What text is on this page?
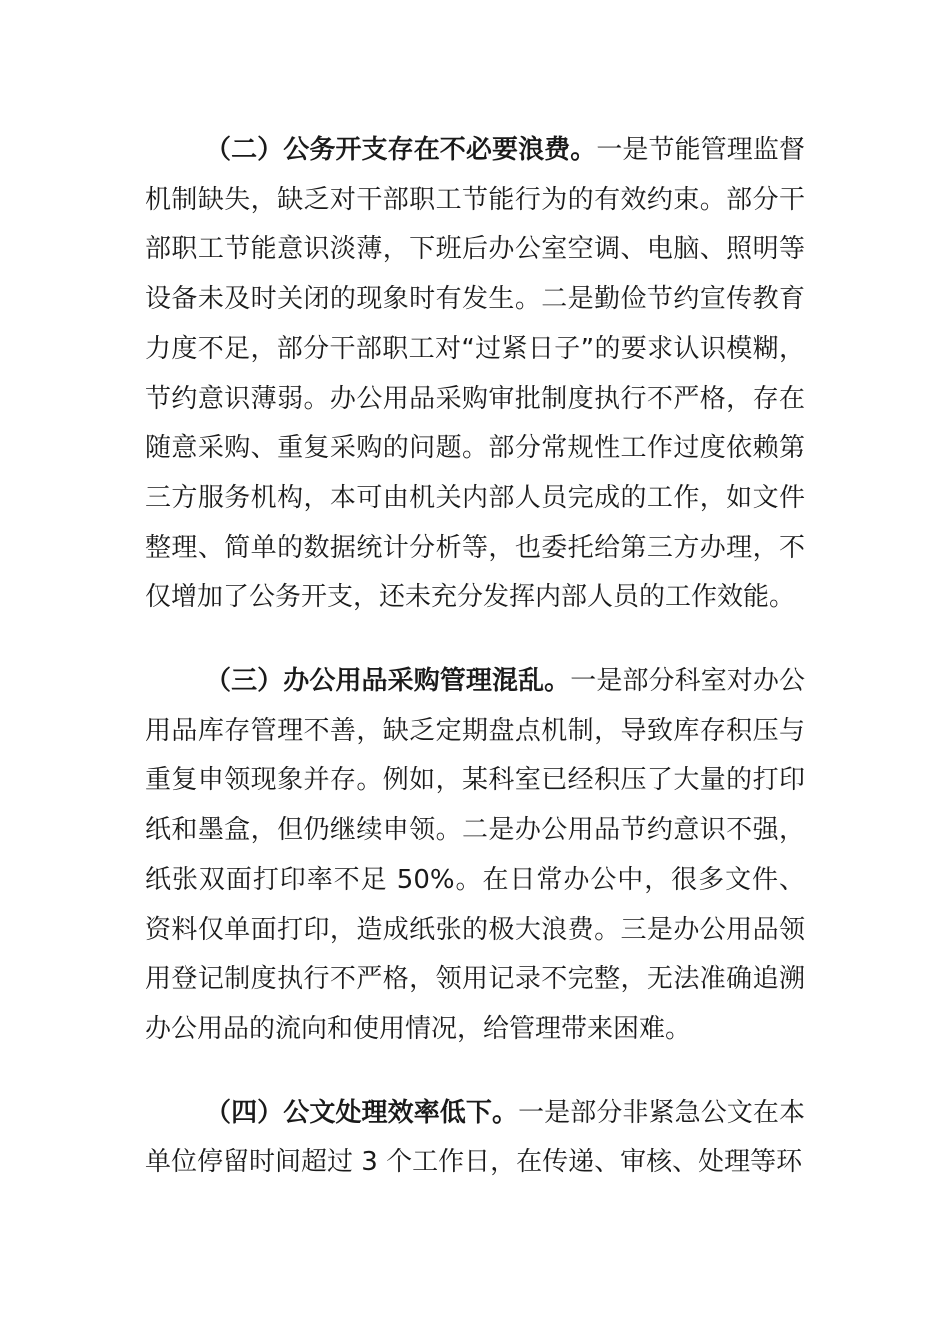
（二）公务开支存在不必要浪费。一是节能管理监督机制缺失，缺乏对干部职工节能行为的有效约束。部分干部职工节能意识淡薄，下班后办公室空调、电脑、照明等设备未及时关闭的现象时有发生。二是勤俭节约宣传教育力度不足，部分干部职工对“过紧日子”的要求认识模糊，节约意识薄弱。办公用品采购审批制度执行不严格，存在随意采购、重复采购的问题。部分常规性工作过度依赖第三方服务机构，本可由机关内部人员完成的工作，如文件整理、简单的数据统计分析等，也委托给第三方办理，不仅增加了公务开支，还未充分发挥内部人员的工作效能。

（三）办公用品采购管理混乱。一是部分科室对办公用品库存管理不善，缺乏定期盘点机制，导致库存积压与重复申领现象并存。例如，某科室已经积压了大量的打印纸和墨盒，但仍继续申领。二是办公用品节约意识不强，纸张双面打印率不足 50%。在日常办公中，很多文件、资料仅单面打印，造成纸张的极大浪费。三是办公用品领用登记制度执行不严格，领用记录不完整，无法准确追溯办公用品的流向和使用情况，给管理带来困难。

（四）公文处理效率低下。一是部分非紧急公文在本单位停留时间超过 3 个工作日，在传递、审核、处理等环
